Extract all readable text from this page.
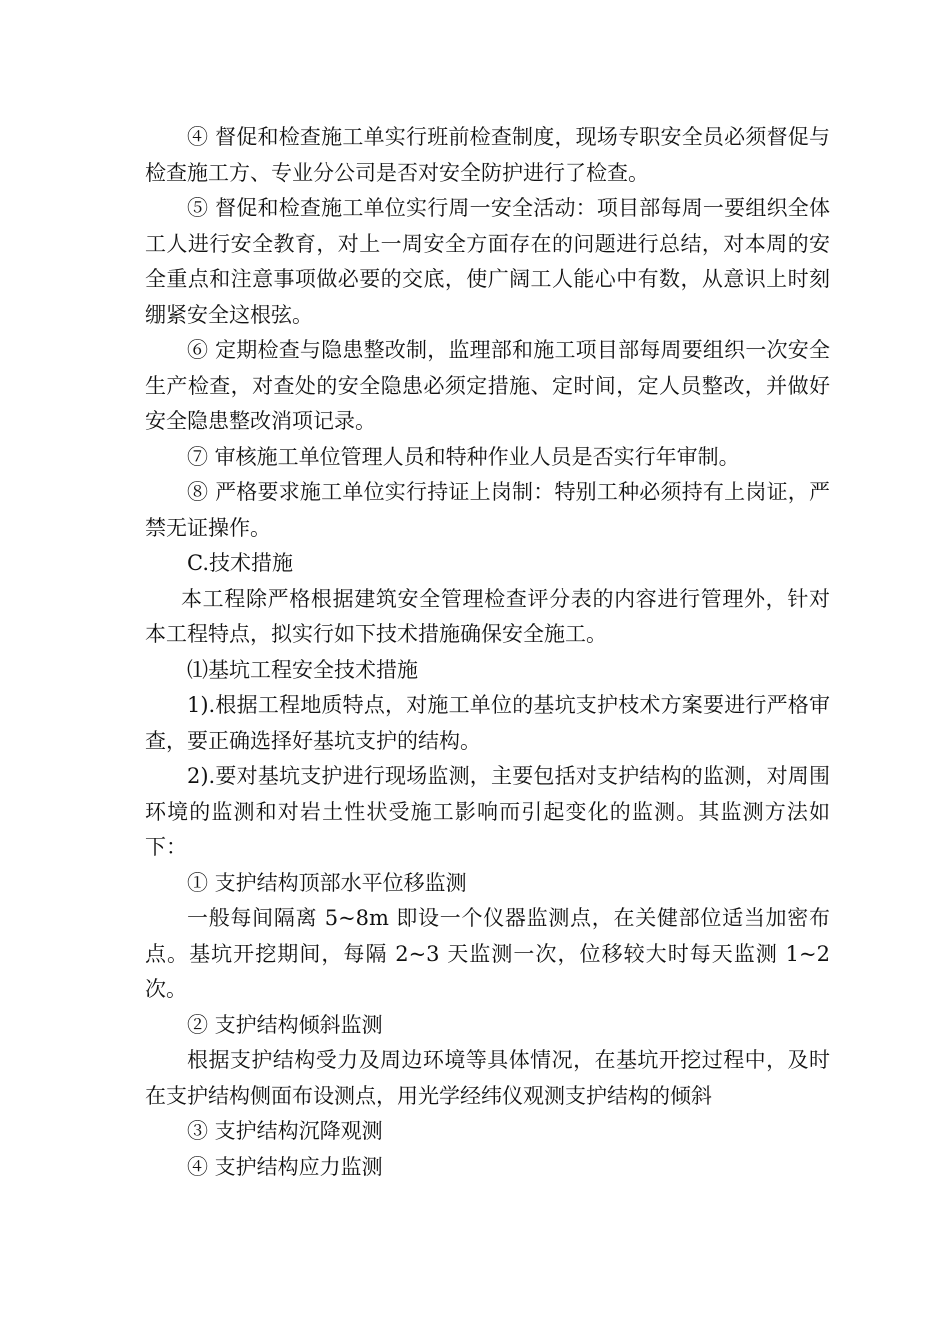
④ 督促和检查施工单实行班前检查制度，现场专职安全员必须督促与检查施工方、专业分公司是否对安全防护进行了检查。

⑤ 督促和检查施工单位实行周一安全活动：项目部每周一要组织全体工人进行安全教育，对上一周安全方面存在的问题进行总结，对本周的安全重点和注意事项做必要的交底，使广阔工人能心中有数，从意识上时刻绷紧安全这根弦。

⑥ 定期检查与隐患整改制，监理部和施工项目部每周要组织一次安全生产检查，对查处的安全隐患必须定措施、定时间，定人员整改，并做好安全隐患整改消项记录。

⑦ 审核施工单位管理人员和特种作业人员是否实行年审制。

⑧ 严格要求施工单位实行持证上岗制：特别工种必须持有上岗证，严禁无证操作。

C.技术措施

本工程除严格根据建筑安全管理检查评分表的内容进行管理外，针对本工程特点，拟实行如下技术措施确保安全施工。

⑴基坑工程安全技术措施

1).根据工程地质特点，对施工单位的基坑支护枝术方案要进行严格审查，要正确选择好基坑支护的结构。

2).要对基坑支护进行现场监测，主要包括对支护结构的监测，对周围环境的监测和对岩土性状受施工影响而引起变化的监测。其监测方法如下：

① 支护结构顶部水平位移监测

一般每间隔离 5~8m 即设一个仪器监测点，在关健部位适当加密布点。基坑开挖期间，每隔 2~3 天监测一次，位移较大时每天监测 1~2 次。

② 支护结构倾斜监测

根据支护结构受力及周边环境等具体情况，在基坑开挖过程中，及时在支护结构侧面布设测点，用光学经纬仪观测支护结构的倾斜

③ 支护结构沉降观测

④ 支护结构应力监测
